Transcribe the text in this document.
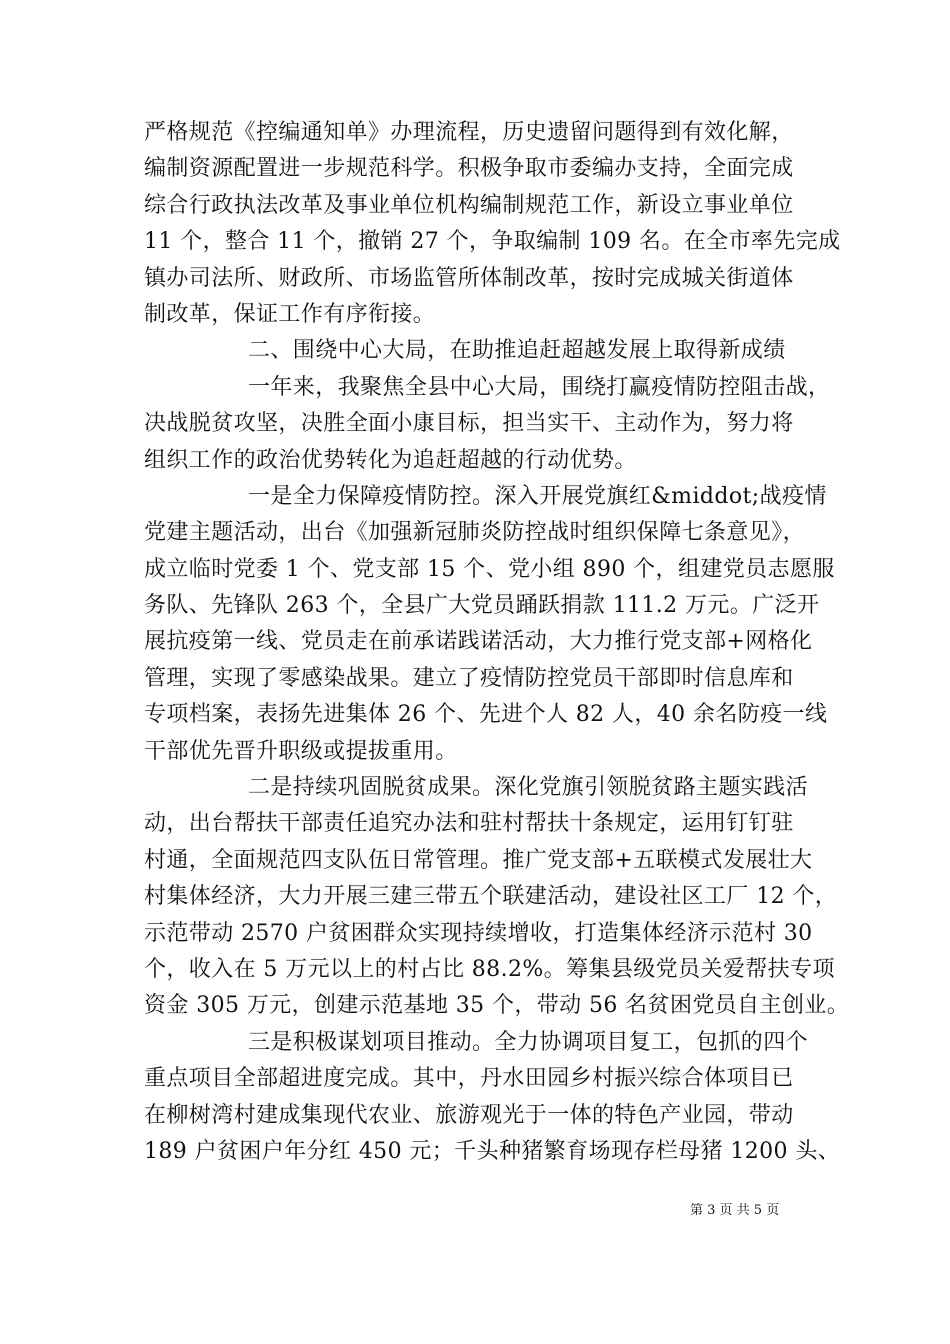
严格规范《控编通知单》办理流程，历史遗留问题得到有效化解，
编制资源配置进一步规范科学。积极争取市委编办支持，全面完成
综合行政执法改革及事业单位机构编制规范工作，新设立事业单位
11 个，整合 11 个，撤销 27 个，争取编制 109 名。在全市率先完成
镇办司法所、财政所、市场监管所体制改革，按时完成城关街道体
制改革，保证工作有序衔接。
二、围绕中心大局，在助推追赶超越发展上取得新成绩
一年来，我聚焦全县中心大局，围绕打赢疫情防控阻击战，
决战脱贫攻坚，决胜全面小康目标，担当实干、主动作为，努力将
组织工作的政治优势转化为追赶超越的行动优势。
一是全力保障疫情防控。深入开展党旗红&middot;战疫情
党建主题活动，出台《加强新冠肺炎防控战时组织保障七条意见》，
成立临时党委 1 个、党支部 15 个、党小组 890 个，组建党员志愿服
务队、先锋队 263 个，全县广大党员踊跃捐款 111.2 万元。广泛开
展抗疫第一线、党员走在前承诺践诺活动，大力推行党支部+网格化
管理，实现了零感染战果。建立了疫情防控党员干部即时信息库和
专项档案，表扬先进集体 26 个、先进个人 82 人，40 余名防疫一线
干部优先晋升职级或提拔重用。
二是持续巩固脱贫成果。深化党旗引领脱贫路主题实践活
动，出台帮扶干部责任追究办法和驻村帮扶十条规定，运用钉钉驻
村通，全面规范四支队伍日常管理。推广党支部+五联模式发展壮大
村集体经济，大力开展三建三带五个联建活动，建设社区工厂 12 个，
示范带动 2570 户贫困群众实现持续增收，打造集体经济示范村 30
个，收入在 5 万元以上的村占比 88.2%。筹集县级党员关爱帮扶专项
资金 305 万元，创建示范基地 35 个，带动 56 名贫困党员自主创业。
三是积极谋划项目推动。全力协调项目复工，包抓的四个
重点项目全部超进度完成。其中，丹水田园乡村振兴综合体项目已
在柳树湾村建成集现代农业、旅游观光于一体的特色产业园，带动
189 户贫困户年分红 450 元；千头种猪繁育场现存栏母猪 1200 头、
第 3 页 共 5 页
